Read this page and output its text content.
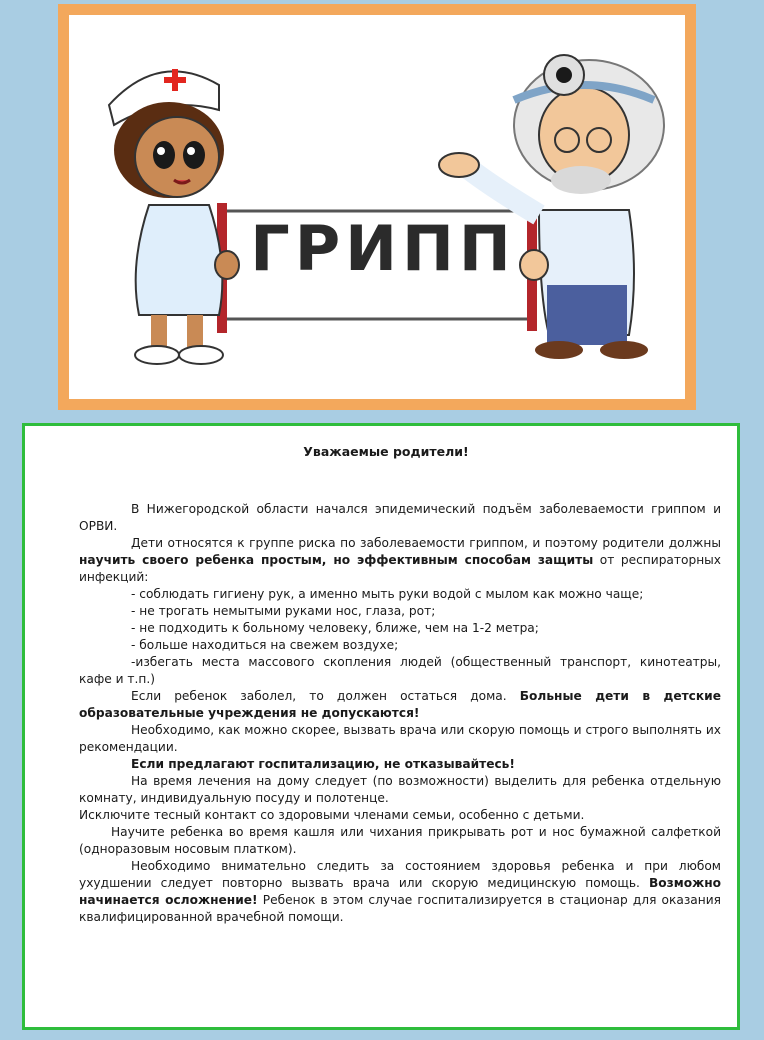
ГРИПП
Уважаемые родители!

В Нижегородской области начался эпидемический подъём заболеваемости гриппом и ОРВИ.

Дети относятся к группе риска по заболеваемости гриппом, и поэтому родители должны научить своего ребенка простым, но эффективным способам защиты от респираторных инфекций:

- соблюдать гигиену рук, а именно мыть руки водой с мылом как можно чаще;

- не трогать немытыми руками нос, глаза, рот;

- не подходить к больному человеку, ближе, чем на 1-2 метра;

- больше находиться на свежем воздухе;

-избегать места массового скопления людей (общественный транспорт, кинотеатры, кафе и т.п.)

Если ребенок заболел, то должен остаться дома. Больные дети в детские образовательные учреждения не допускаются!

Необходимо, как можно скорее, вызвать врача или скорую помощь и строго выполнять их рекомендации.

Если предлагают госпитализацию, не отказывайтесь!

На время лечения на дому следует (по возможности) выделить для ребенка отдельную комнату, индивидуальную посуду и полотенце.

Исключите тесный контакт со здоровыми членами семьи, особенно с детьми.

Научите ребенка во время кашля или чихания прикрывать рот и нос бумажной салфеткой (одноразовым носовым платком).

Необходимо внимательно следить за состоянием здоровья ребенка и при любом ухудшении следует повторно вызвать врача или скорую медицинскую помощь. Возможно начинается осложнение! Ребенок в этом случае госпитализируется в стационар для оказания квалифицированной врачебной помощи.
